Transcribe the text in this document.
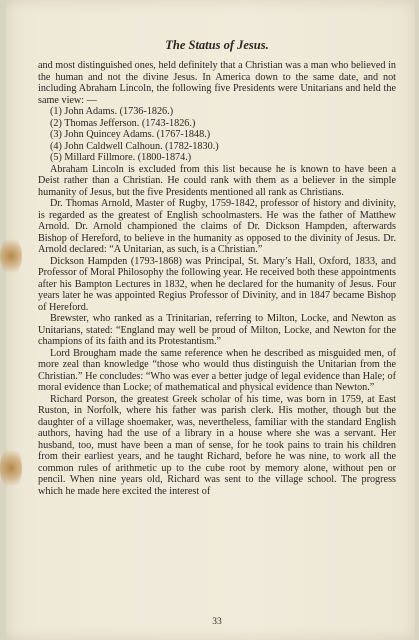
The Status of Jesus.

and most distinguished ones, held definitely that a Christian was a man who believed in the human and not the divine Jesus. In America down to the same date, and not including Abraham Lincoln, the following five Presidents were Unitarians and held the same view: —

(1) John Adams. (1736-1826.)
(2) Thomas Jefferson. (1743-1826.)
(3) John Quincey Adams. (1767-1848.)
(4) John Caldwell Calhoun. (1782-1830.)
(5) Millard Fillmore. (1800-1874.)

Abraham Lincoln is excluded from this list because he is known to have been a Deist rather than a Christian. He could rank with them as a believer in the simple humanity of Jesus, but the five Presidents mentioned all rank as Christians.

Dr. Thomas Arnold, Master of Rugby, 1759-1842, professor of history and divinity, is regarded as the greatest of English schoolmasters. He was the father of Matthew Arnold. Dr. Arnold championed the claims of Dr. Dickson Hampden, afterwards Bishop of Hereford, to believe in the humanity as opposed to the divinity of Jesus. Dr. Arnold declared: “A Unitarian, as such, is a Christian.”

Dickson Hampden (1793-1868) was Principal, St. Mary’s Hall, Oxford, 1833, and Professor of Moral Philosophy the following year. He received both these appointments after his Bampton Lectures in 1832, when he declared for the humanity of Jesus. Four years later he was appointed Regius Professor of Divinity, and in 1847 became Bishop of Hereford.

Brewster, who ranked as a Trinitarian, referring to Milton, Locke, and Newton as Unitarians, stated: “England may well be proud of Milton, Locke, and Newton for the champions of its faith and its Protestantism.”

Lord Brougham made the same reference when he described as misguided men, of more zeal than knowledge “those who would thus distinguish the Unitarian from the Christian.” He concludes: “Who was ever a better judge of legal evidence than Hale; of moral evidence than Locke; of mathematical and physical evidence than Newton.”

Richard Porson, the greatest Greek scholar of his time, was born in 1759, at East Ruston, in Norfolk, where his father was parish clerk. His mother, though but the daughter of a village shoemaker, was, nevertheless, familiar with the standard English authors, having had the use of a library in a house where she was a servant. Her husband, too, must have been a man of sense, for he took pains to train his children from their earliest years, and he taught Richard, before he was nine, to work all the common rules of arithmetic up to the cube root by memory alone, without pen or pencil. When nine years old, Richard was sent to the village school. The progress which he made here excited the interest of

33
